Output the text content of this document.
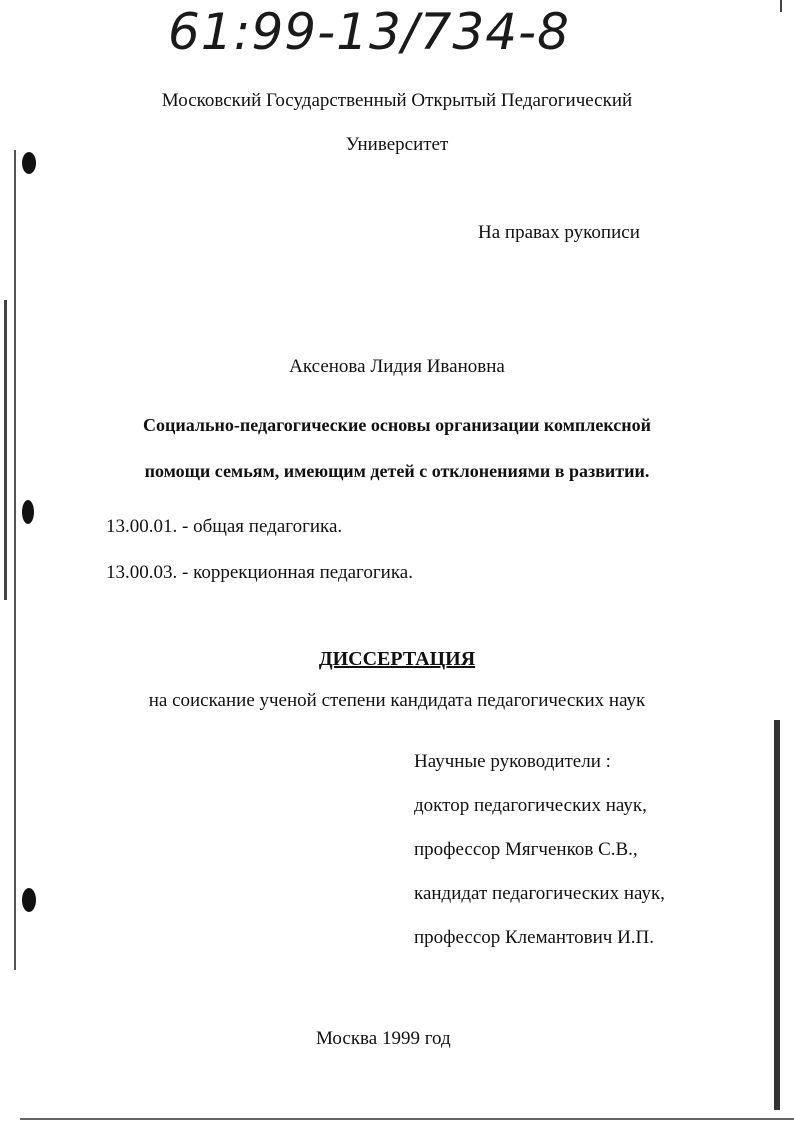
61:99-13/734-8
Московский Государственный Открытый Педагогический
Университет
На правах рукописи
Аксенова Лидия Ивановна
Социально-педагогические основы организации комплексной
помощи семьям, имеющим детей с отклонениями в развитии.
13.00.01. - общая педагогика.
13.00.03. - коррекционная педагогика.
ДИССЕРТАЦИЯ
на соискание ученой степени кандидата педагогических наук
Научные руководители :
доктор педагогических наук,
профессор Мягченков С.В.,
кандидат педагогических наук,
профессор Клемантович И.П.
Москва 1999 год
